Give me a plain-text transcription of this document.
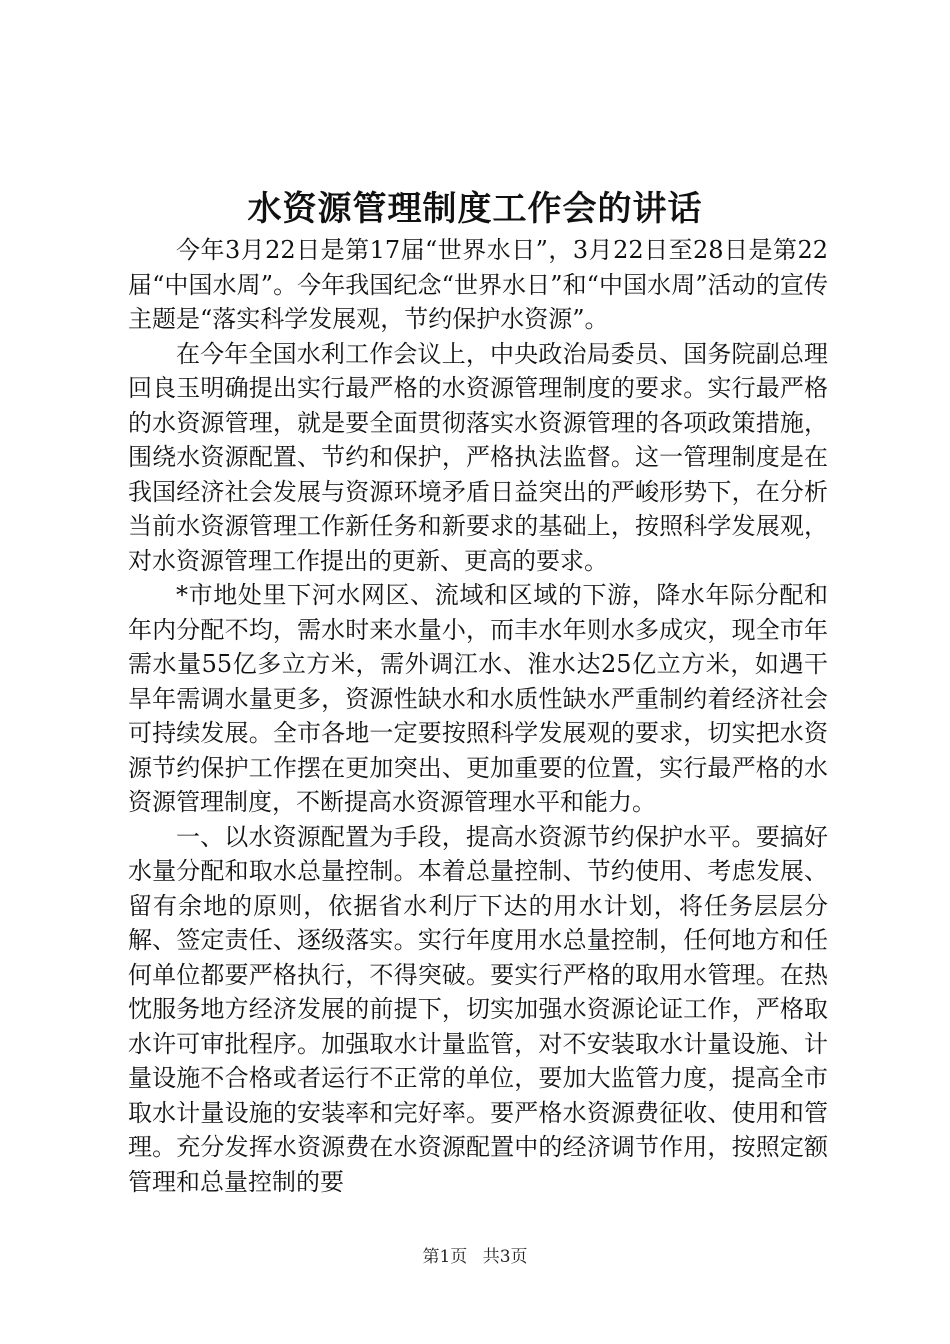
水资源管理制度工作会的讲话

今年3月22日是第17届“世界水日”，3月22日至28日是第22届“中国水周”。今年我国纪念“世界水日”和“中国水周”活动的宣传主题是“落实科学发展观，节约保护水资源”。

在今年全国水利工作会议上，中央政治局委员、国务院副总理回良玉明确提出实行最严格的水资源管理制度的要求。实行最严格的水资源管理，就是要全面贯彻落实水资源管理的各项政策措施，围绕水资源配置、节约和保护，严格执法监督。这一管理制度是在我国经济社会发展与资源环境矛盾日益突出的严峻形势下，在分析当前水资源管理工作新任务和新要求的基础上，按照科学发展观，对水资源管理工作提出的更新、更高的要求。

*市地处里下河水网区、流域和区域的下游，降水年际分配和年内分配不均，需水时来水量小，而丰水年则水多成灾，现全市年需水量55亿多立方米，需外调江水、淮水达25亿立方米，如遇干旱年需调水量更多，资源性缺水和水质性缺水严重制约着经济社会可持续发展。全市各地一定要按照科学发展观的要求，切实把水资源节约保护工作摆在更加突出、更加重要的位置，实行最严格的水资源管理制度，不断提高水资源管理水平和能力。

一、以水资源配置为手段，提高水资源节约保护水平。要搞好水量分配和取水总量控制。本着总量控制、节约使用、考虑发展、留有余地的原则，依据省水利厅下达的用水计划，将任务层层分解、签定责任、逐级落实。实行年度用水总量控制，任何地方和任何单位都要严格执行，不得突破。要实行严格的取用水管理。在热忱服务地方经济发展的前提下，切实加强水资源论证工作，严格取水许可审批程序。加强取水计量监管，对不安装取水计量设施、计量设施不合格或者运行不正常的单位，要加大监管力度，提高全市取水计量设施的安装率和完好率。要严格水资源费征收、使用和管理。充分发挥水资源费在水资源配置中的经济调节作用，按照定额管理和总量控制的要

第1页 共3页
